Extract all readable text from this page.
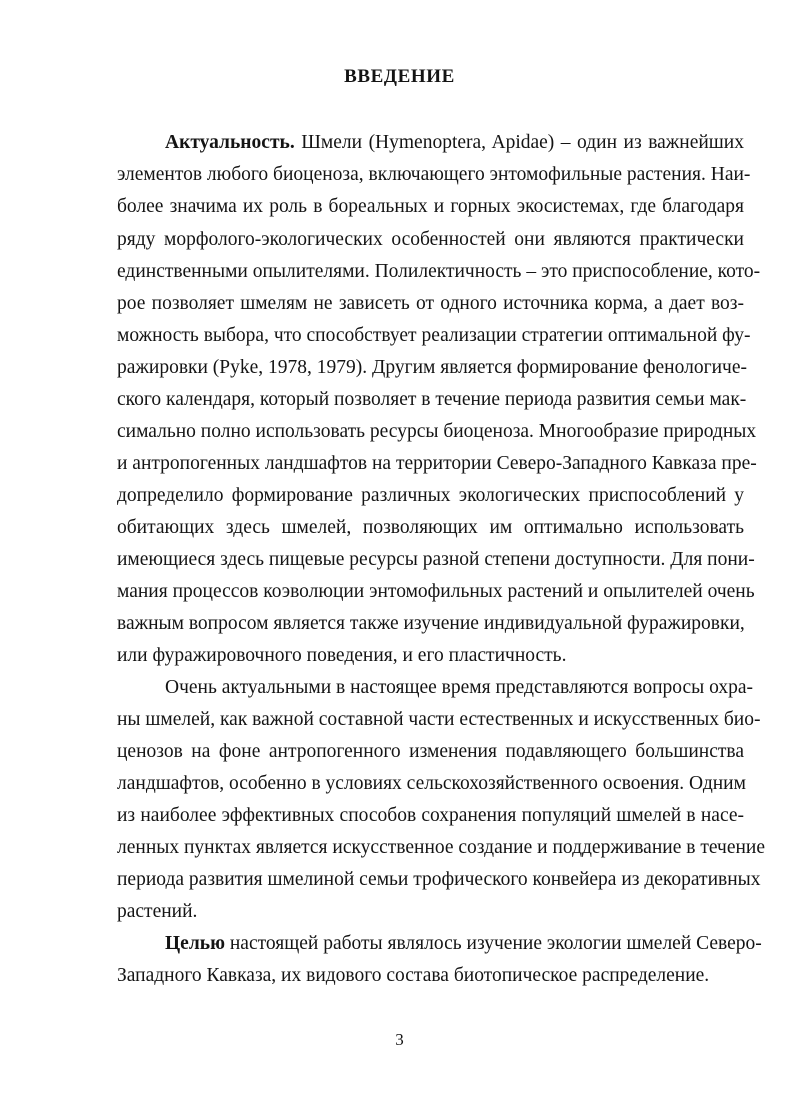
ВВЕДЕНИЕ
Актуальность. Шмели (Hymenoptera, Apidae) – один из важнейших
элементов любого биоценоза, включающего энтомофильные растения. Наи-
более значима их роль в бореальных и горных экосистемах, где благодаря
ряду морфолого-экологических особенностей они являются практически
единственными опылителями. Полилектичность – это приспособление, кото-
рое позволяет шмелям не зависеть от одного источника корма, а дает воз-
можность выбора, что способствует реализации стратегии оптимальной фу-
ражировки (Pyke, 1978, 1979). Другим является формирование фенологиче-
ского календаря, который позволяет в течение периода развития семьи мак-
симально полно использовать ресурсы биоценоза. Многообразие природных
и антропогенных ландшафтов на территории Северо-Западного Кавказа пре-
допределило формирование различных экологических приспособлений у
обитающих здесь шмелей, позволяющих им оптимально использовать
имеющиеся здесь пищевые ресурсы разной степени доступности. Для пони-
мания процессов коэволюции энтомофильных растений и опылителей очень
важным вопросом является также изучение индивидуальной фуражировки,
или фуражировочного поведения, и его пластичность.
Очень актуальными в настоящее время представляются вопросы охра-
ны шмелей, как важной составной части естественных и искусственных био-
ценозов на фоне антропогенного изменения подавляющего большинства
ландшафтов, особенно в условиях сельскохозяйственного освоения. Одним
из наиболее эффективных способов сохранения популяций шмелей в насе-
ленных пунктах является искусственное создание и поддерживание в течение
периода развития шмелиной семьи трофического конвейера из декоративных
растений.
Целью настоящей работы являлось изучение экологии шмелей Северо-
Западного Кавказа, их видового состава биотопическое распределение.
3
